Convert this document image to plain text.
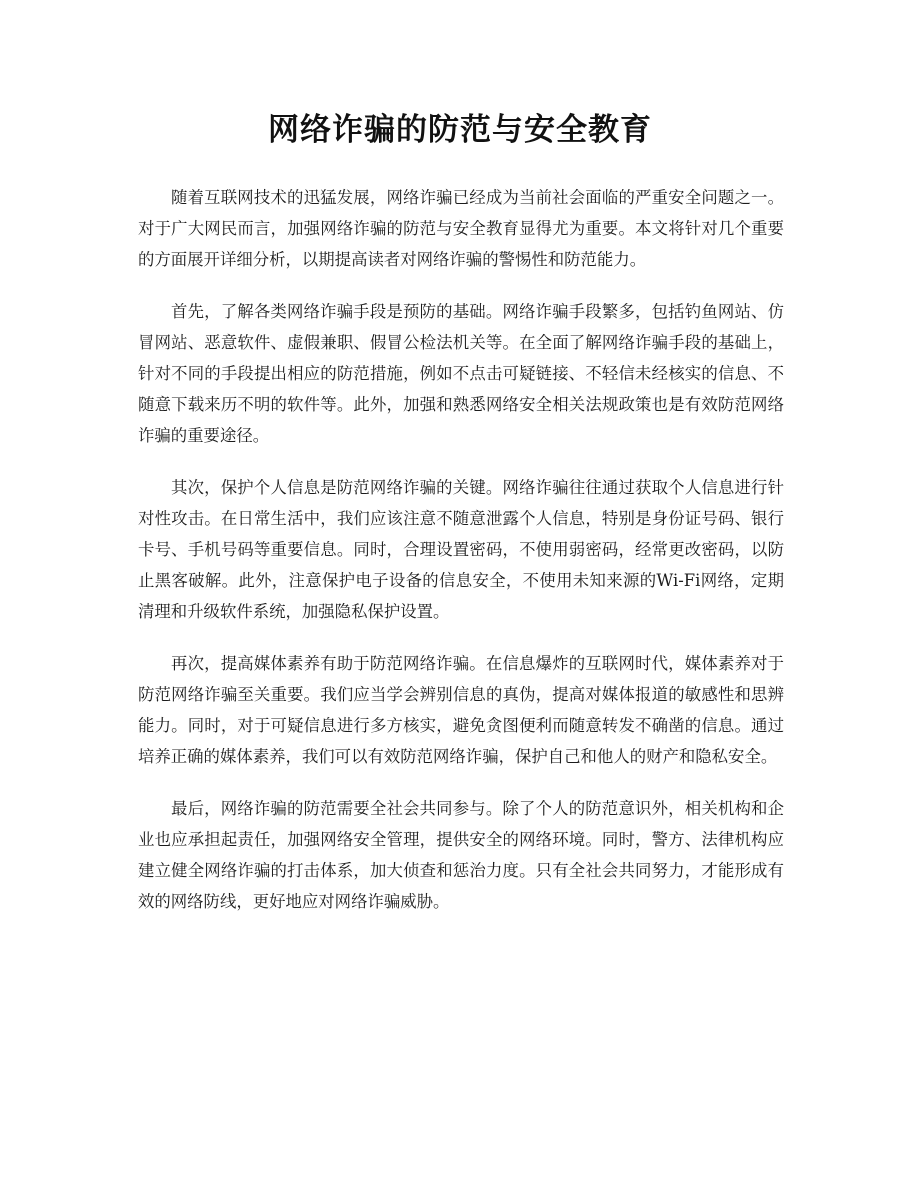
网络诈骗的防范与安全教育

随着互联网技术的迅猛发展，网络诈骗已经成为当前社会面临的严重安全问题之一。对于广大网民而言，加强网络诈骗的防范与安全教育显得尤为重要。本文将针对几个重要的方面展开详细分析，以期提高读者对网络诈骗的警惕性和防范能力。

首先，了解各类网络诈骗手段是预防的基础。网络诈骗手段繁多，包括钓鱼网站、仿冒网站、恶意软件、虚假兼职、假冒公检法机关等。在全面了解网络诈骗手段的基础上，针对不同的手段提出相应的防范措施，例如不点击可疑链接、不轻信未经核实的信息、不随意下载来历不明的软件等。此外，加强和熟悉网络安全相关法规政策也是有效防范网络诈骗的重要途径。

其次，保护个人信息是防范网络诈骗的关键。网络诈骗往往通过获取个人信息进行针对性攻击。在日常生活中，我们应该注意不随意泄露个人信息，特别是身份证号码、银行卡号、手机号码等重要信息。同时，合理设置密码，不使用弱密码，经常更改密码，以防止黑客破解。此外，注意保护电子设备的信息安全，不使用未知来源的Wi-Fi网络，定期清理和升级软件系统，加强隐私保护设置。

再次，提高媒体素养有助于防范网络诈骗。在信息爆炸的互联网时代，媒体素养对于防范网络诈骗至关重要。我们应当学会辨别信息的真伪，提高对媒体报道的敏感性和思辨能力。同时，对于可疑信息进行多方核实，避免贪图便利而随意转发不确凿的信息。通过培养正确的媒体素养，我们可以有效防范网络诈骗，保护自己和他人的财产和隐私安全。

最后，网络诈骗的防范需要全社会共同参与。除了个人的防范意识外，相关机构和企业也应承担起责任，加强网络安全管理，提供安全的网络环境。同时，警方、法律机构应建立健全网络诈骗的打击体系，加大侦查和惩治力度。只有全社会共同努力，才能形成有效的网络防线，更好地应对网络诈骗威胁。
